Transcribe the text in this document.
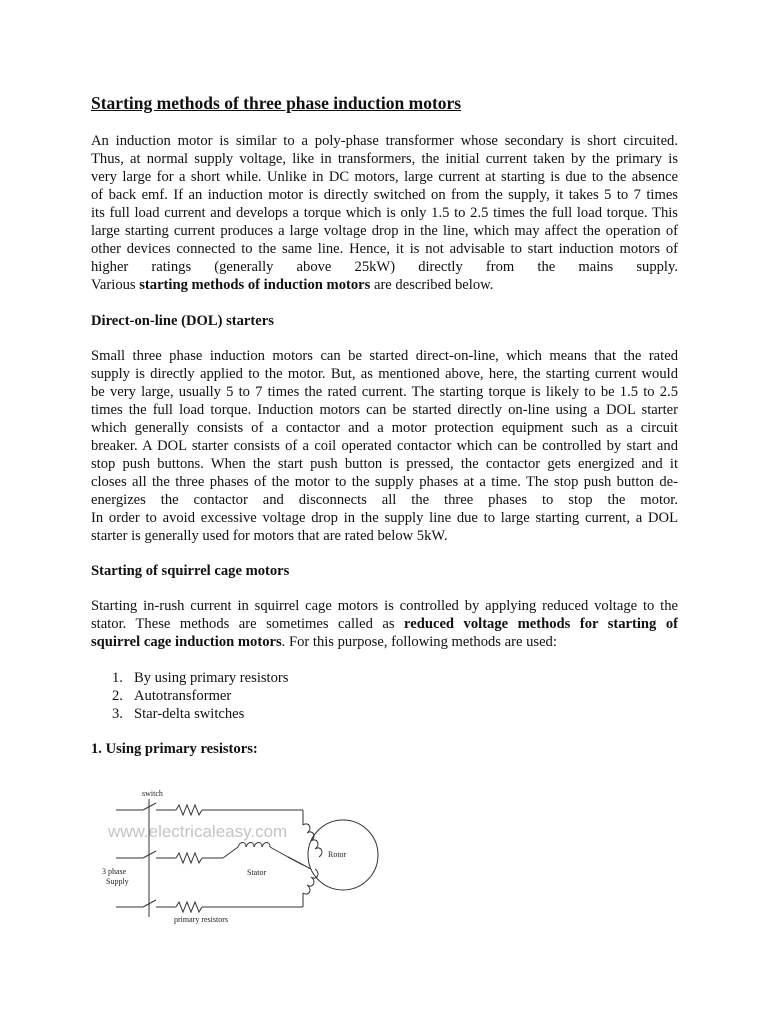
Starting methods of three phase induction motors
An induction motor is similar to a poly-phase transformer whose secondary is short circuited.
Thus, at normal supply voltage, like in transformers, the initial current taken by the primary is
very large for a short while. Unlike in DC motors, large current at starting is due to the absence
of back emf. If an induction motor is directly switched on from the supply, it takes 5 to 7 times
its full load current and develops a torque which is only 1.5 to 2.5 times the full load torque. This
large starting current produces a large voltage drop in the line, which may affect the operation of
other devices connected to the same line. Hence, it is not advisable to start induction motors of
higher ratings (generally above 25kW) directly from the mains supply.
Various starting methods of induction motors are described below.
Direct-on-line (DOL) starters
Small three phase induction motors can be started direct-on-line, which means that the rated
supply is directly applied to the motor. But, as mentioned above, here, the starting current would
be very large, usually 5 to 7 times the rated current. The starting torque is likely to be 1.5 to 2.5
times the full load torque. Induction motors can be started directly on-line using a DOL starter
which generally consists of a contactor and a motor protection equipment such as a circuit
breaker. A DOL starter consists of a coil operated contactor which can be controlled by start and
stop push buttons. When the start push button is pressed, the contactor gets energized and it
closes all the three phases of the motor to the supply phases at a time. The stop push button de-
energizes the contactor and disconnects all the three phases to stop the motor.
In order to avoid excessive voltage drop in the supply line due to large starting current, a DOL
starter is generally used for motors that are rated below 5kW.
Starting of squirrel cage motors
Starting in-rush current in squirrel cage motors is controlled by applying reduced voltage to the
stator. These methods are sometimes called as reduced voltage methods for starting of
squirrel cage induction motors. For this purpose, following methods are used:
1. By using primary resistors
2. Autotransformer
3. Star-delta switches
1. Using primary resistors:
switch
3 phase
Supply
Stator
Rotor
primary resistors
www.electricaleasy.com
